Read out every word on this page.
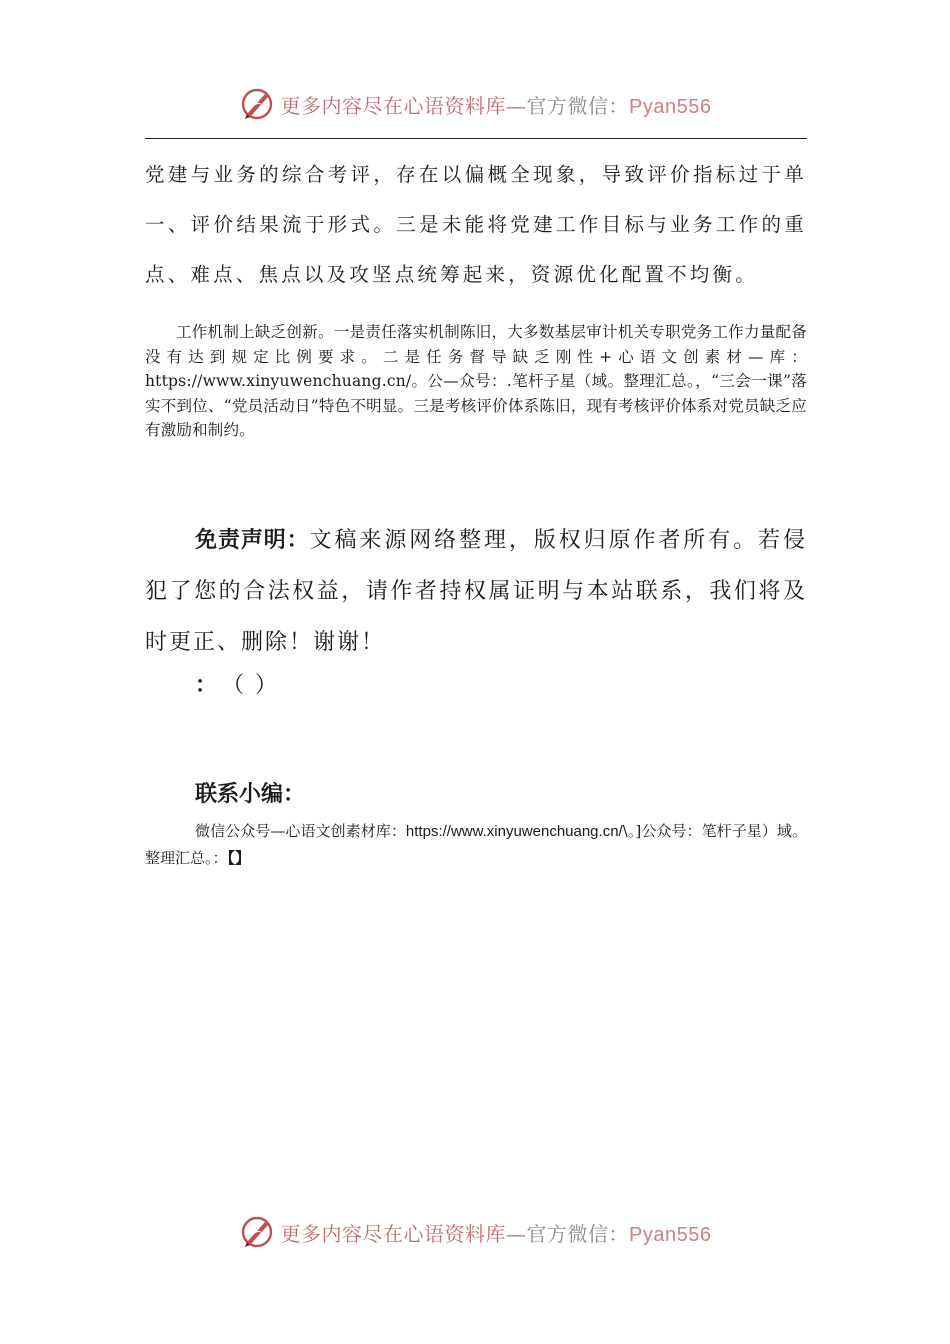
更多内容尽在心语资料库—官方微信：Pyan556

党建与业务的综合考评，存在以偏概全现象，导致评价指标过于单一、评价结果流于形式。三是未能将党建工作目标与业务工作的重点、难点、焦点以及攻坚点统筹起来，资源优化配置不均衡。

工作机制上缺乏创新。一是责任落实机制陈旧，大多数基层审计机关专职党务工作力量配备没有达到规定比例要求。二是任务督导缺乏刚性+心语文创素材—库：https://www.xinyuwenchuang.cn/。公—众号：.笔杆子星（域。整理汇总。，“三会一课”落实不到位、“党员活动日”特色不明显。三是考核评价体系陈旧，现有考核评价体系对党员缺乏应有激励和制约。

免责声明：文稿来源网络整理，版权归原作者所有。若侵犯了您的合法权益，请作者持权属证明与本站联系，我们将及时更正、删除！谢谢！

： （ ）

联系小编：

微信公众号—心语文创素材库：https://www.xinyuwenchuang.cn/\。]公众号：笔杆子星）域。整理汇总。：【】

更多内容尽在心语资料库—官方微信：Pyan556
